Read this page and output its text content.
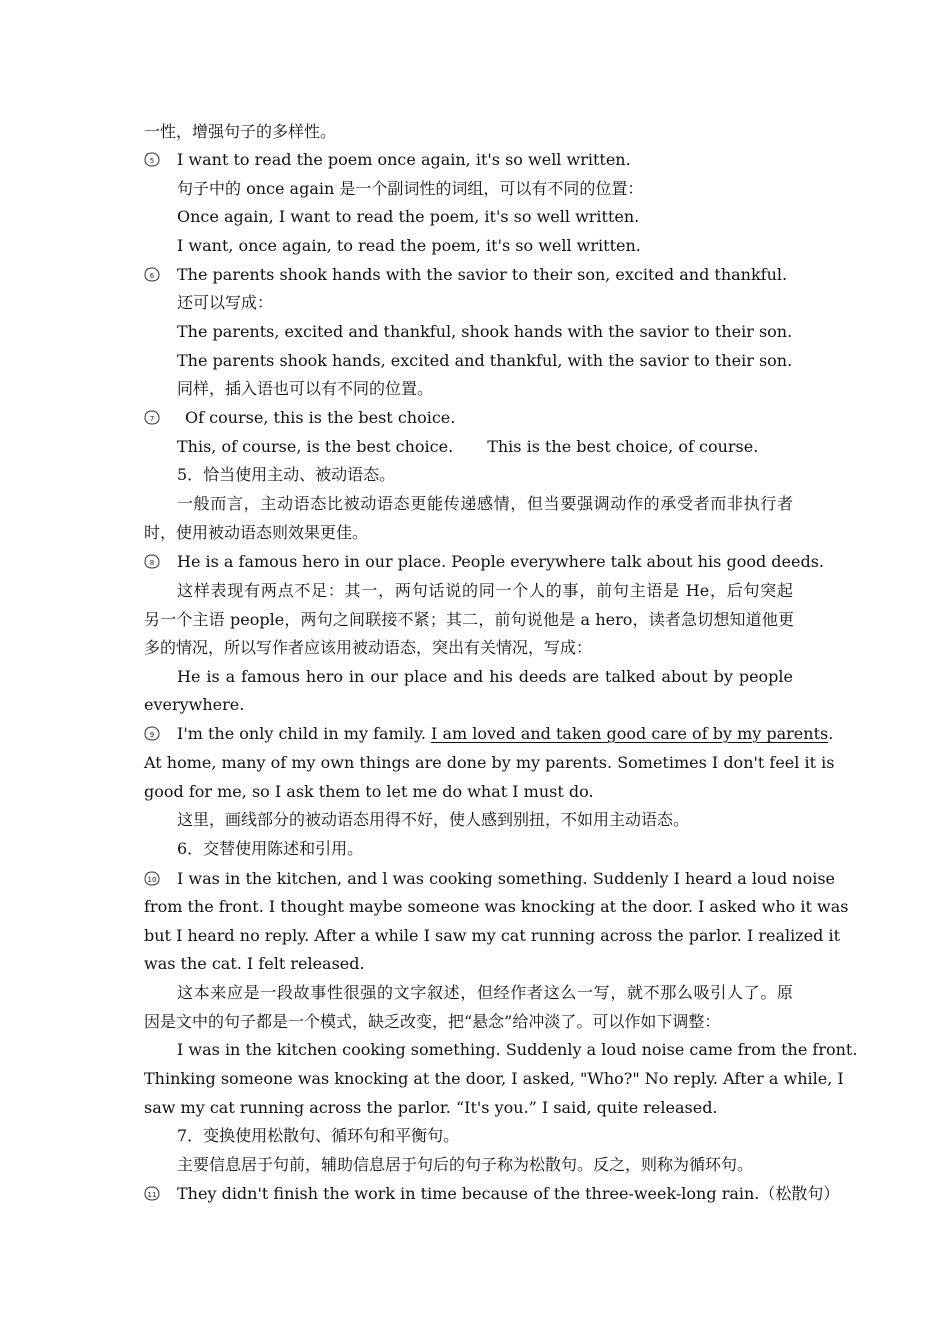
一性，增强句子的多样性。
5 I want to read the poem once again, it's so well written.
句子中的 once again 是一个副词性的词组，可以有不同的位置：
Once again, I want to read the poem, it's so well written.
I want, once again, to read the poem, it's so well written.
6 The parents shook hands with the savior to their son, excited and thankful.
还可以写成：
The parents, excited and thankful, shook hands with the savior to their son.
The parents shook hands, excited and thankful, with the savior to their son.
同样，插入语也可以有不同的位置。
7 Of course, this is the best choice.
This, of course, is the best choice. This is the best choice, of course.
5．恰当使用主动、被动语态。
一般而言，主动语态比被动语态更能传递感情，但当要强调动作的承受者而非执行者
时，使用被动语态则效果更佳。
8 He is a famous hero in our place. People everywhere talk about his good deeds.
这样表现有两点不足：其一，两句话说的同一个人的事，前句主语是 He，后句突起
另一个主语 people，两句之间联接不紧；其二，前句说他是 a hero，读者急切想知道他更
多的情况，所以写作者应该用被动语态，突出有关情况，写成：
He is a famous hero in our place and his deeds are talked about by people
everywhere.
9 I'm the only child in my family. I am loved and taken good care of by my parents.
At home, many of my own things are done by my parents. Sometimes I don't feel it is
good for me, so I ask them to let me do what I must do.
这里，画线部分的被动语态用得不好，使人感到别扭，不如用主动语态。
6．交替使用陈述和引用。
10 I was in the kitchen, and l was cooking something. Suddenly I heard a loud noise
from the front. I thought maybe someone was knocking at the door. I asked who it was
but I heard no reply. After a while I saw my cat running across the parlor. I realized it
was the cat. I felt released.
这本来应是一段故事性很强的文字叙述，但经作者这么一写，就不那么吸引人了。原
因是文中的句子都是一个模式，缺乏改变，把“悬念”给冲淡了。可以作如下调整：
I was in the kitchen cooking something. Suddenly a loud noise came from the front.
Thinking someone was knocking at the door, I asked, "Who?" No reply. After a while, I
saw my cat running across the parlor. “It's you.” I said, quite released.
7．变换使用松散句、循环句和平衡句。
主要信息居于句前，辅助信息居于句后的句子称为松散句。反之，则称为循环句。
11 They didn't finish the work in time because of the three-week-long rain.（松散句）
